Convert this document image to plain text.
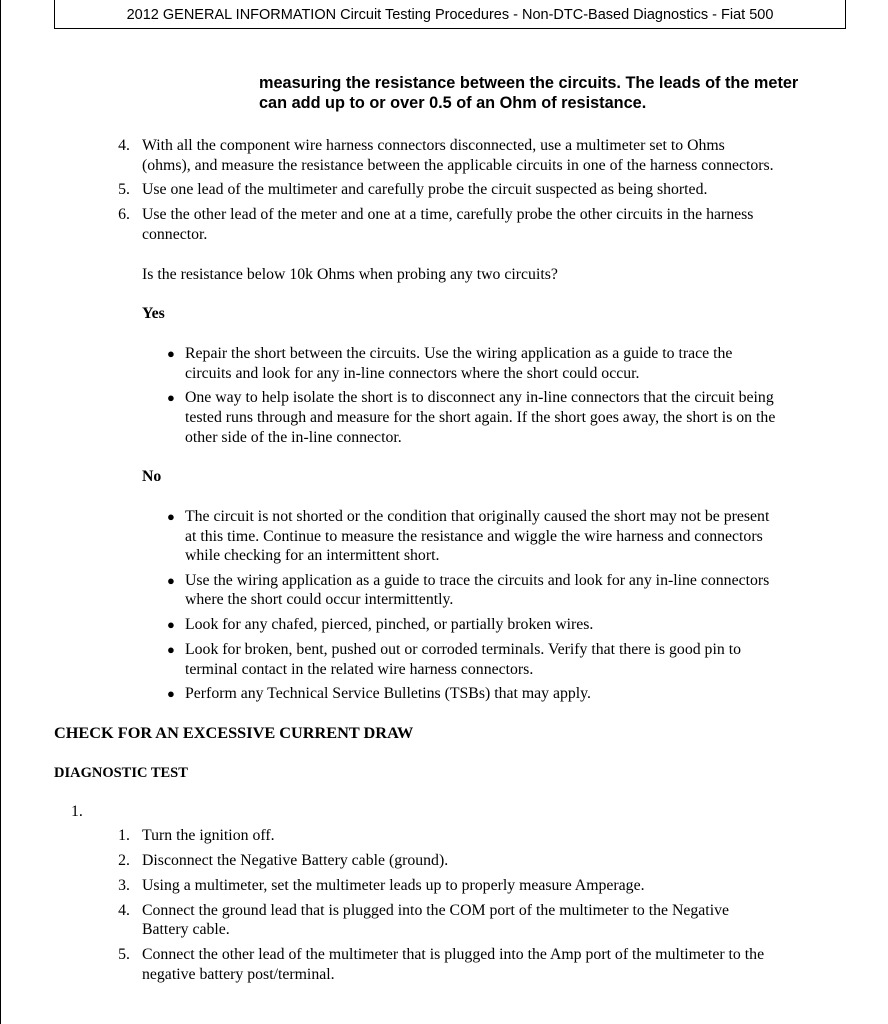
2012 GENERAL INFORMATION Circuit Testing Procedures - Non-DTC-Based Diagnostics - Fiat 500
measuring the resistance between the circuits. The leads of the meter
can add up to or over 0.5 of an Ohm of resistance.
4. With all the component wire harness connectors disconnected, use a multimeter set to Ohms
(ohms), and measure the resistance between the applicable circuits in one of the harness connectors.
5. Use one lead of the multimeter and carefully probe the circuit suspected as being shorted.
6. Use the other lead of the meter and one at a time, carefully probe the other circuits in the harness
connector.
Is the resistance below 10k Ohms when probing any two circuits?
Yes
● Repair the short between the circuits. Use the wiring application as a guide to trace the
circuits and look for any in-line connectors where the short could occur.
● One way to help isolate the short is to disconnect any in-line connectors that the circuit being
tested runs through and measure for the short again. If the short goes away, the short is on the
other side of the in-line connector.
No
● The circuit is not shorted or the condition that originally caused the short may not be present
at this time. Continue to measure the resistance and wiggle the wire harness and connectors
while checking for an intermittent short.
● Use the wiring application as a guide to trace the circuits and look for any in-line connectors
where the short could occur intermittently.
● Look for any chafed, pierced, pinched, or partially broken wires.
● Look for broken, bent, pushed out or corroded terminals. Verify that there is good pin to
terminal contact in the related wire harness connectors.
● Perform any Technical Service Bulletins (TSBs) that may apply.
CHECK FOR AN EXCESSIVE CURRENT DRAW
DIAGNOSTIC TEST
1.
1. Turn the ignition off.
2. Disconnect the Negative Battery cable (ground).
3. Using a multimeter, set the multimeter leads up to properly measure Amperage.
4. Connect the ground lead that is plugged into the COM port of the multimeter to the Negative
Battery cable.
5. Connect the other lead of the multimeter that is plugged into the Amp port of the multimeter to the
negative battery post/terminal.
